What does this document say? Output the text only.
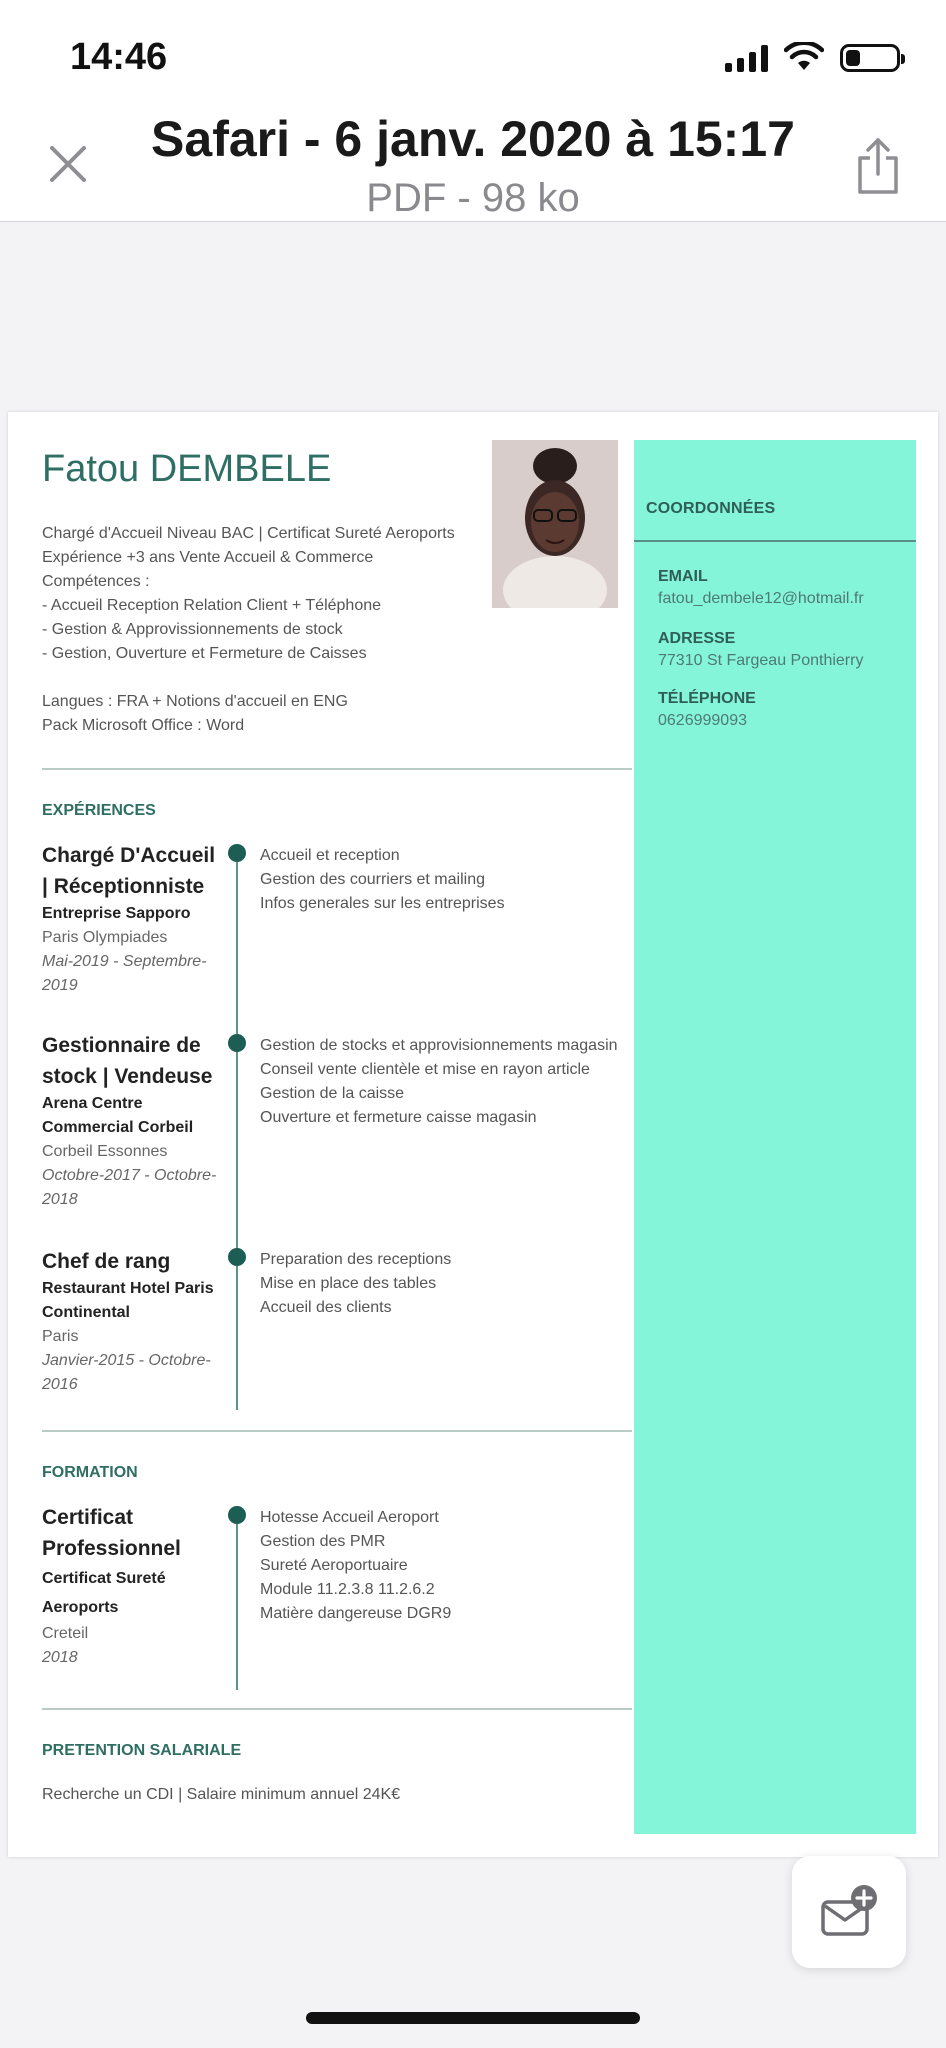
14:46
Safari - 6 janv. 2020 à 15:17
PDF - 98 ko
Fatou DEMBELE
Chargé d'Accueil Niveau BAC | Certificat Sureté Aeroports
Expérience +3 ans Vente Accueil & Commerce
Compétences :
- Accueil Reception Relation Client + Téléphone
- Gestion & Approvissionnements de stock
- Gestion, Ouverture et Fermeture de Caisses
Langues : FRA + Notions d'accueil en ENG
Pack Microsoft Office : Word
COORDONNÉES
EMAIL
fatou_dembele12@hotmail.fr
ADRESSE
77310 St Fargeau Ponthierry
TÉLÉPHONE
0626999093
EXPÉRIENCES
Chargé D'Accueil | Réceptionniste
Entreprise Sapporo
Paris Olympiades
Mai-2019 - Septembre-2019
Accueil et reception
Gestion des courriers et mailing
Infos generales sur les entreprises
Gestionnaire de stock | Vendeuse
Arena Centre Commercial Corbeil
Corbeil Essonnes
Octobre-2017 - Octobre-2018
Gestion de stocks et approvisionnements magasin
Conseil vente clientèle et mise en rayon article
Gestion de la caisse
Ouverture et fermeture caisse magasin
Chef de rang
Restaurant Hotel Paris Continental
Paris
Janvier-2015 - Octobre-2016
Preparation des receptions
Mise en place des tables
Accueil des clients
FORMATION
Certificat Professionnel
Certificat Sureté Aeroports
Creteil
2018
Hotesse Accueil Aeroport
Gestion des PMR
Sureté Aeroportuaire
Module 11.2.3.8 11.2.6.2
Matière dangereuse DGR9
PRETENTION SALARIALE
Recherche un CDI | Salaire minimum annuel 24K€
